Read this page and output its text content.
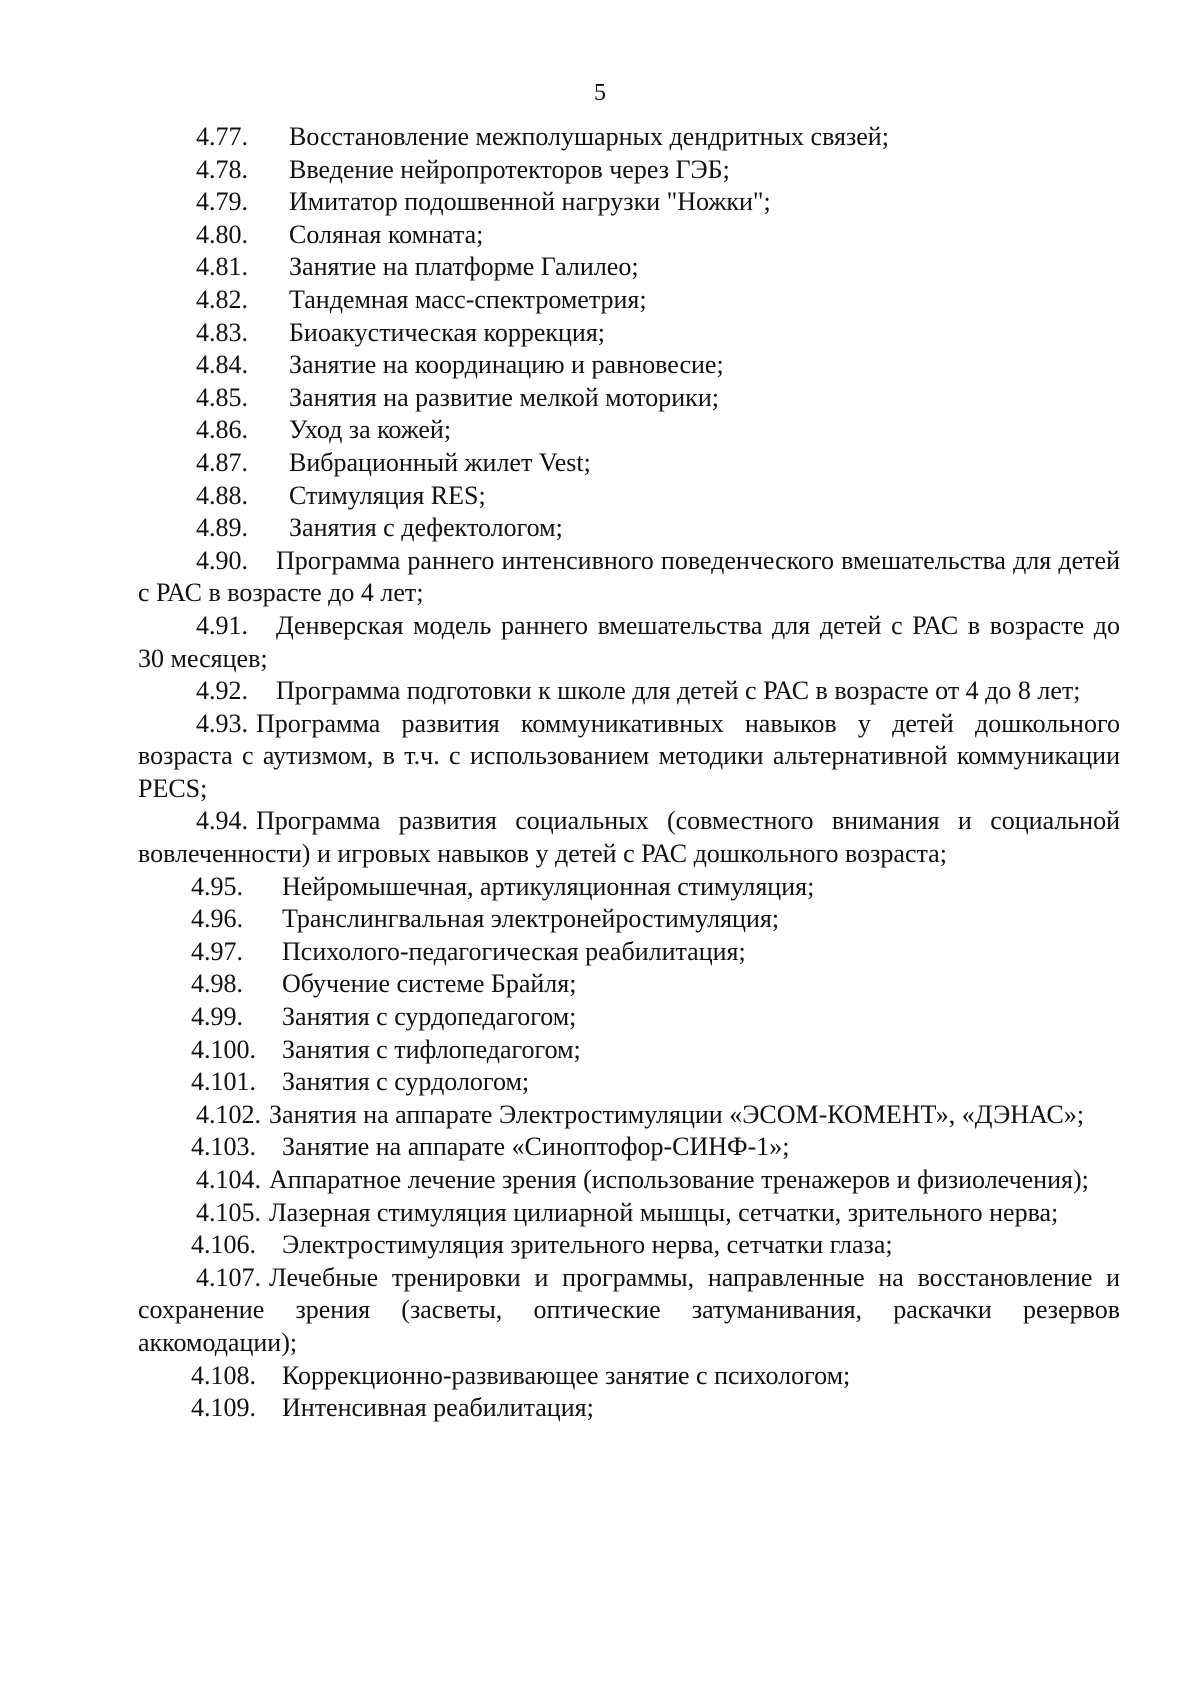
5
4.77. Восстановление межполушарных дендритных связей;
4.78. Введение нейропротекторов через ГЭБ;
4.79. Имитатор подошвенной нагрузки "Ножки";
4.80. Соляная комната;
4.81. Занятие на платформе Галилео;
4.82. Тандемная масс-спектрометрия;
4.83. Биоакустическая коррекция;
4.84. Занятие на координацию и равновесие;
4.85. Занятия на развитие мелкой моторики;
4.86. Уход за кожей;
4.87. Вибрационный жилет Vest;
4.88. Стимуляция RES;
4.89. Занятия с дефектологом;
4.90. Программа раннего интенсивного поведенческого вмешательства для детей с РАС в возрасте до 4 лет;
4.91. Денверская модель раннего вмешательства для детей с РАС в возрасте до 30 месяцев;
4.92. Программа подготовки к школе для детей с РАС в возрасте от 4 до 8 лет;
4.93. Программа развития коммуникативных навыков у детей дошкольного возраста с аутизмом, в т.ч. с использованием методики альтернативной коммуникации PECS;
4.94. Программа развития социальных (совместного внимания и социальной вовлеченности) и игровых навыков у детей с РАС дошкольного возраста;
4.95. Нейромышечная, артикуляционная стимуляция;
4.96. Транслингвальная электронейростимуляция;
4.97. Психолого-педагогическая реабилитация;
4.98. Обучение системе Брайля;
4.99. Занятия с сурдопедагогом;
4.100. Занятия с тифлопедагогом;
4.101. Занятия с сурдологом;
4.102. Занятия на аппарате Электростимуляции «ЭСОМ-КОМЕНТ», «ДЭНАС»;
4.103. Занятие на аппарате «Синоптофор-СИНФ-1»;
4.104. Аппаратное лечение зрения (использование тренажеров и физиолечения);
4.105. Лазерная стимуляция цилиарной мышцы, сетчатки, зрительного нерва;
4.106. Электростимуляция зрительного нерва, сетчатки глаза;
4.107. Лечебные тренировки и программы, направленные на восстановление и сохранение зрения (засветы, оптические затуманивания, раскачки резервов аккомодации);
4.108. Коррекционно-развивающее занятие с психологом;
4.109. Интенсивная реабилитация;
